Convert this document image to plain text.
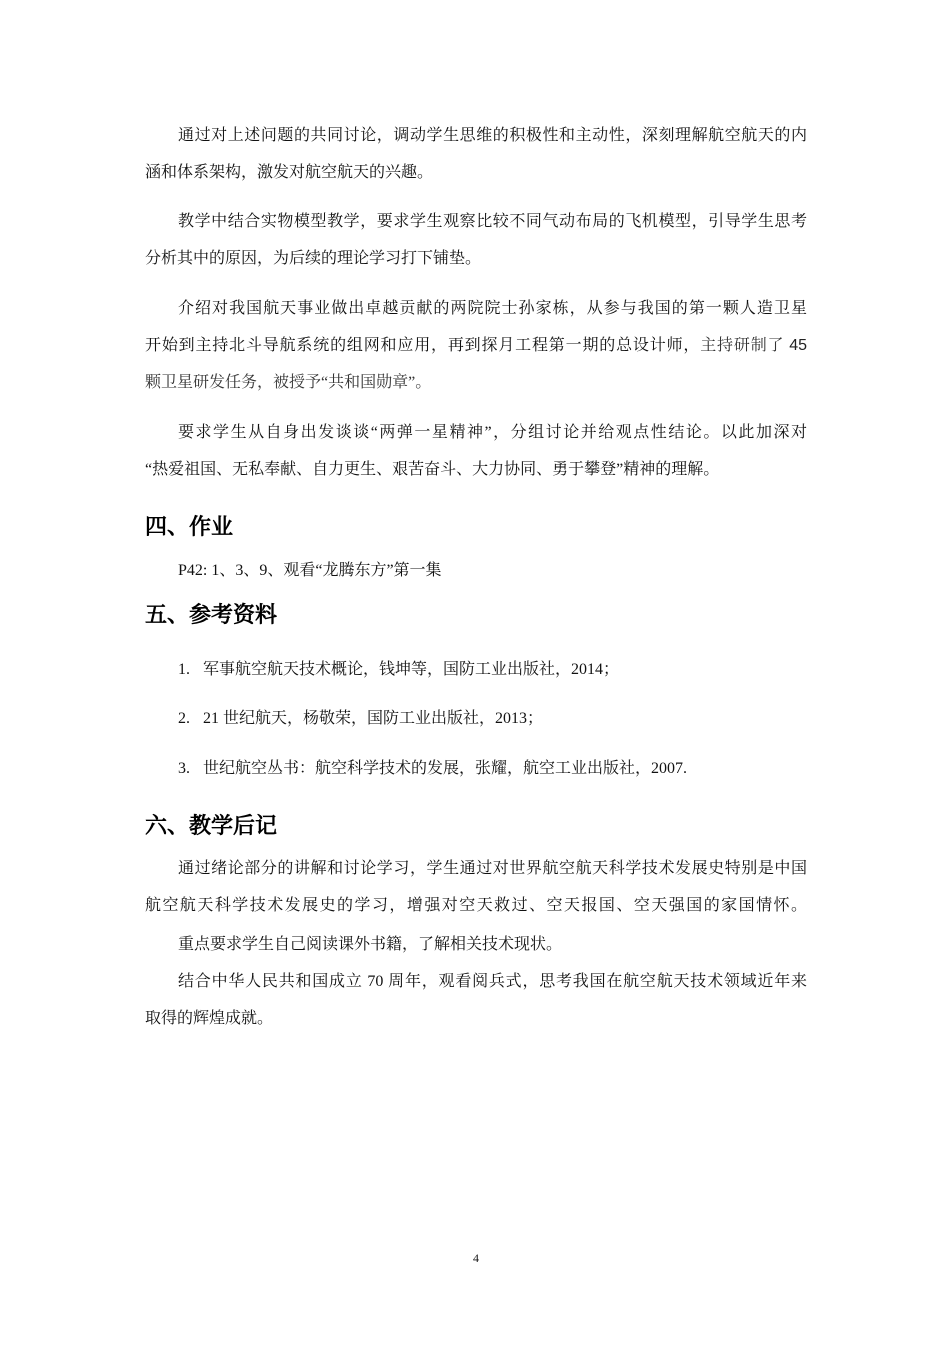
通过对上述问题的共同讨论，调动学生思维的积极性和主动性，深刻理解航空航天的内
涵和体系架构，激发对航空航天的兴趣。
教学中结合实物模型教学，要求学生观察比较不同气动布局的飞机模型，引导学生思考
分析其中的原因，为后续的理论学习打下铺垫。
介绍对我国航天事业做出卓越贡献的两院院士孙家栋，从参与我国的第一颗人造卫星
开始到主持北斗导航系统的组网和应用，再到探月工程第一期的总设计师，主持研制了 45
颗卫星研发任务，被授予“共和国勋章”。
要求学生从自身出发谈谈“两弹一星精神”，分组讨论并给观点性结论。以此加深对
“热爱祖国、无私奉献、自力更生、艰苦奋斗、大力协同、勇于攀登”精神的理解。
四、作业
P42: 1、3、9、观看“龙腾东方”第一集
五、参考资料
1. 军事航空航天技术概论，钱坤等，国防工业出版社，2014；
2. 21 世纪航天，杨敬荣，国防工业出版社，2013；
3. 世纪航空丛书：航空科学技术的发展，张耀，航空工业出版社，2007.
六、教学后记
通过绪论部分的讲解和讨论学习，学生通过对世界航空航天科学技术发展史特别是中国
航空航天科学技术发展史的学习，增强对空天救过、空天报国、空天强国的家国情怀。
重点要求学生自己阅读课外书籍，了解相关技术现状。
结合中华人民共和国成立 70 周年，观看阅兵式，思考我国在航空航天技术领域近年来
取得的辉煌成就。
4
